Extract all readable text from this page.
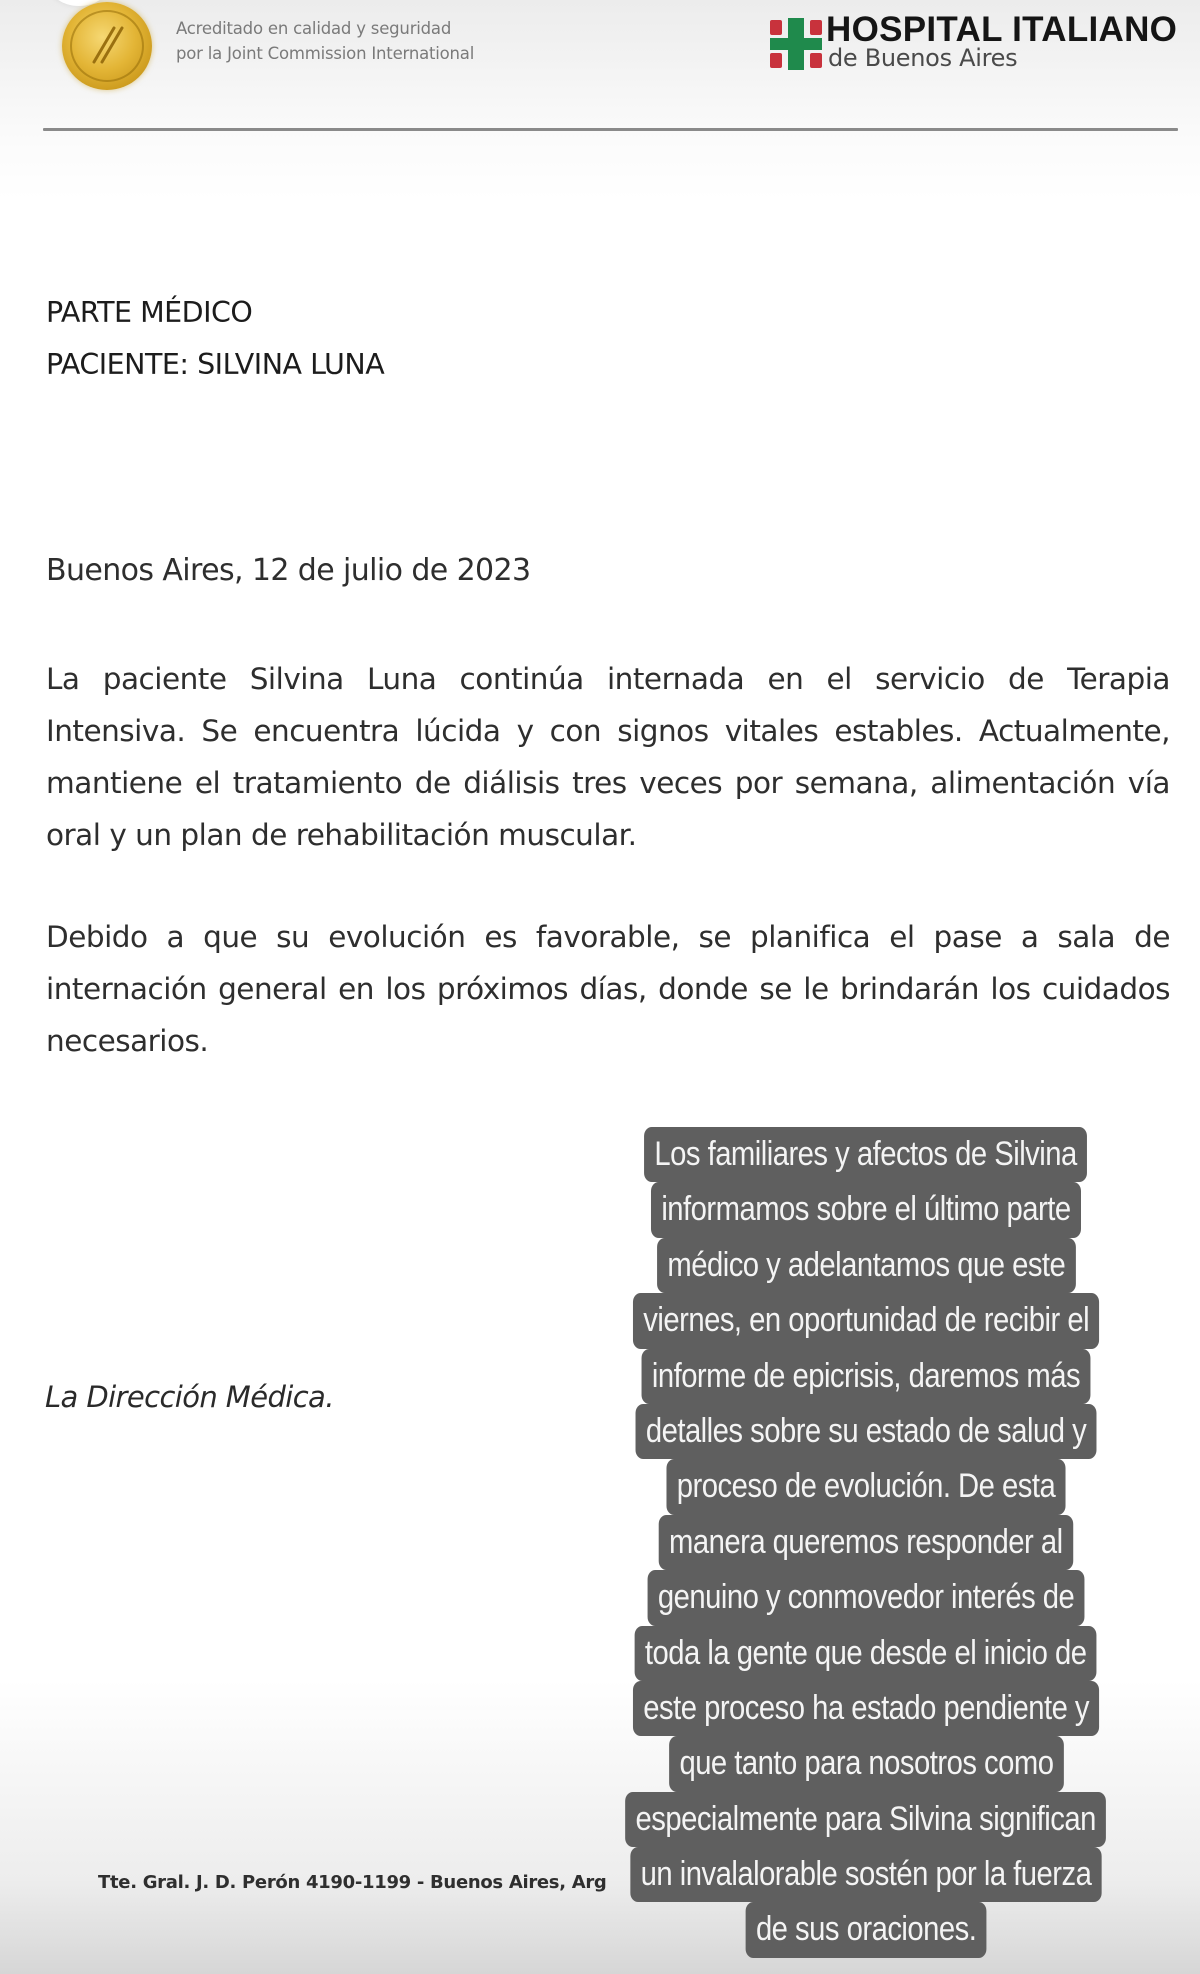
Acreditado en calidad y seguridad
por la Joint Commission International
HOSPITAL ITALIANO
de Buenos Aires
PARTE MÉDICO
PACIENTE: SILVINA LUNA
Buenos Aires, 12 de julio de 2023
La paciente Silvina Luna continúa internada en el servicio de Terapia Intensiva. Se encuentra lúcida y con signos vitales estables. Actualmente, mantiene el tratamiento de diálisis tres veces por semana, alimentación vía oral y un plan de rehabilitación muscular.
Debido a que su evolución es favorable, se planifica el pase a sala de internación general en los próximos días, donde se le brindarán los cuidados necesarios.
La Dirección Médica.
Tte. Gral. J. D. Perón 4190-1199 - Buenos Aires, Arg
Los familiares y afectos de Silvina
informamos sobre el último parte
médico y adelantamos que este
viernes, en oportunidad de recibir el
informe de epicrisis, daremos más
detalles sobre su estado de salud y
proceso de evolución. De esta
manera queremos responder al
genuino y conmovedor interés de
toda la gente que desde el inicio de
este proceso ha estado pendiente y
que tanto para nosotros como
especialmente para Silvina significan
un invalalorable sostén por la fuerza
de sus oraciones.
